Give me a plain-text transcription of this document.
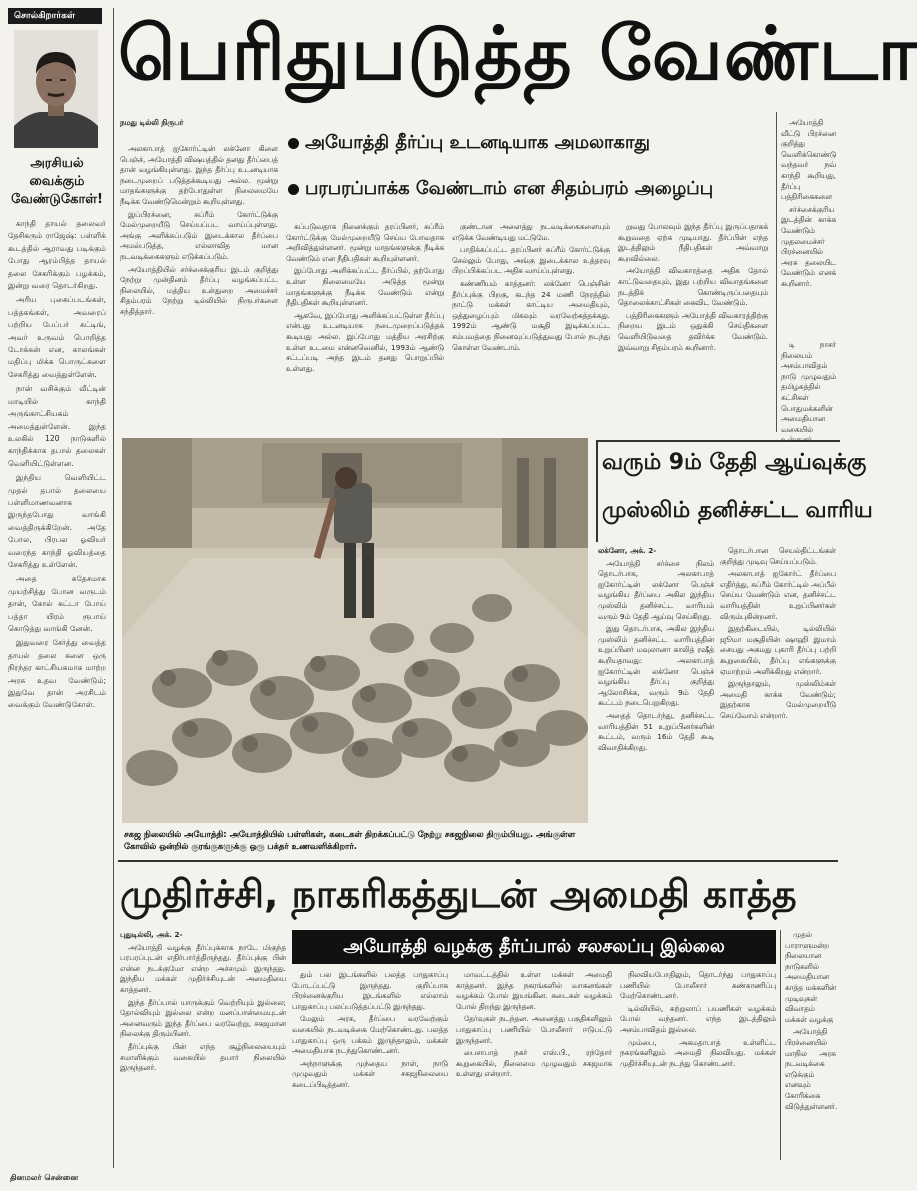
சொல்கிறார்கள்
அரசியல் வைக்கும் வேண்டுகோள்!

காந்தி தாயல் தலைவர் தேசிகரும் ராஜேஷ்: பள்ளிக் கூடத்தில் ஆராவது படிக்கும் போது ஆரம்பித்த தாயல் தலை சேகரிக்கும் பழக்கம், இன்று வரை தொடர்கிறது.

அரிய புகைப்படங்கள், பத்தகங்கள், அவரைப் பற்றிய பேப்பர் கட்டிங், அவர் உருவம் பொறித்த டோக்கன் என, காலங்கள் மதிப்பு மிக்க பொருட்களை சேகரித்து வைத்துள்ளேன்.

நான் வசிக்கும் வீட்டின் மாடியில் காந்தி அருங்காட்சியகம் அமைத்துள்ளேன். இந்த உலகில் 120 நாடுகளில் காந்திக்காக தபால் தலைகள் வெளியிட்டுள்ளன.

இந்திய வெளியிட்ட முதல் தபால் தலையை பள்ளிமாணவனாக இருந்தபோது வாங்கி வைத்திருக்கிறேன். அதே போல, பிரபல ஓவியர் வரைந்த காந்தி ஓவியத்தை சேகரித்து உள்ளேன்.

அதை சுதேசமாக முயற்சித்து போன வருடம் தான், கோல் கட்டா போய் பத்தா யிரம் ரூபாய் கொடுத்து வாங்கி னேன்.

இதுவரை சேர்த்து வைத்த தாயல் தலை களை ஒரு நிரந்தர காட்சியகமாக மாற்ற அரசு உதவ வேண்டும்; இதுவே தான் அரசிடம் வைக்கும் வேண்டுகோள்.

பெரிதுபடுத்த வேண்டா

நமது டில்லி நிருபர்

அயோத்தி தீர்ப்பு உடனடியாக அமலாகாது
பரபரப்பாக்க வேண்டாம் என சிதம்பரம் அழைப்பு

அலகாபாத் ஐகோர்ட்டின் லக்னோ கிளை பெஞ்ச், அயோத்தி விஷயத்தில் தனது தீர்ப்பைத் தான் வழங்கியுள்ளது. இந்த தீர்ப்பு உடனடியாக நடைமுறைப் படுத்தக்கூடியது அல்ல. மூன்று மாதங்களுக்கு தற்போதுள்ள நிலைமையே நீடிக்க வேண்டுமென்றும் கூறியுள்ளது.

இப்பிரச்னை, சுப்ரீம் கோர்ட்டுக்கு மேல்முறையீடு செய்யப்பட வாய்ப்புள்ளது. அங்கு அளிக்கப்படும் இடைக்கால தீர்ப்பை அமல்படுத்த, எல்லாவித மான நடவடிக்கைகளும் எடுக்கப்படும்.

அயோத்தியில் சர்ச்சைக்குரிய இடம் குறித்து நேற்று முன்தினம் தீர்ப்பு வழங்கப்பட்ட நிலையில், மத்திய உள்துறை அமைச்சர் சிதம்பரம் நேற்று டில்லியில் நிருபர்களை சந்தித்தார்.

கப்படுவதாக நினைக்கும் தரப்பினர், சுப்ரீம் கோர்ட்டுக்கு மேல்முறையீடு செய்ய போவதாக அறிவித்துள்ளனர். மூன்று மாதங்களுக்கு நீடிக்க வேண்டும் என நீதிபதிகள் கூறியுள்ளனர்.

இப்போது அளிக்கப்பட்ட தீர்ப்பில், தற்போது உள்ள நிலைமையே அடுத்த மூன்று மாதங்களுக்கு நீடிக்க வேண்டும் என்று நீதிபதிகள் கூறியுள்ளனர்.

ஆகவே, இப்போது அளிக்கப்பட்டுள்ள தீர்ப்பு என்பது உடனடியாக நடைமுறைப்படுத்தக் கூடியது அல்ல. இப்போது மத்திய அரசிற்கு உள்ள உடமை என்னவெனில், 1993ம் ஆண்டு சட்டப்படி அந்த இடம் தனது பொறுப்பில் உள்ளது.

குண்டான அளைத்து நடவடிக்கைகளையும் எடுக்க வேண்டியது மட்டுமே.

பாதிக்கப்பட்ட தரப்பினர் சுப்ரீம் கோர்ட்டுக்கு செல்லும் போது, அங்கு இடைக்கால உத்தரவு பிறப்பிக்கப்பட அதிக வாய்ப்புள்ளது.

கண்ணியம் காத்தனர்: லக்னோ பெஞ்சின் தீர்ப்புக்கு பிறகு, கடந்த 24 மணி நேரத்தில் நாட்டு மக்கள் காட்டிய அமைதியும், ஒத்துழைப்பும் மிகவும் வரவேற்கத்தக்கது. 1992ம் ஆண்டு மசூதி இடிக்கப்பட்ட சம்பவத்தை நினைவுப்படுத்துவது போல் நடந்து கொள்ள வேண்டாம்.

றுவது போலவும் இந்த தீர்ப்பு இருப்பதாகக் கூறுவதை ஏற்க முடியாது. தீர்ப்பின் எந்த இடத்திலும் நீதிபதிகள் அவ்வாறு கூறவில்லை.

அயோத்தி விவகாரத்தை அதிக தோல் காட்டுவதையும், இது பற்றிய விவாதங்களை நடத்திக் கொண்டிருப்பதையும் தொலைக்காட்சிகள் கைவிட வேண்டும்.

பத்திரிகைகளும் அயோத்தி விவகாரத்திற்கு நிறைய இடம் ஒதுக்கி செய்திகளை வெளியிடுவதை தவிர்க்க வேண்டும். இவ்வாறு சிதம்பரம் கூறினார்.

அயோத்தி வீட்டு பிரச்னை குறித்து வெளிக்கொண்டு வந்தவர் நவ் காந்தி கூறியது, தீர்ப்பு பத்திரிகைகளை

சர்ச்சைக்குரிய இடத்தின் காக்க வேண்டும் முதலமைச்சர் பிரச்னையில் அரசு தலையிட வேண்டும் எனக் கூறினார்.

சகஜ நிலையில் அயோத்தி: அயோத்தியில் பள்ளிகள், கடைகள் திறக்கப்பட்டு நேற்று சகஜநிலை திரும்பியது. அங்குள்ள கோவில் ஒன்றில் குரங்குகளுக்கு ஒரு பக்தர் உணவளிக்கிறார்.
வரும் 9ம் தேதி ஆய்வுக்கு
முஸ்லிம் தனிச்சட்ட வாரிய

லக்னோ, அக். 2-

அயோத்தி சர்ச்சை நிலம் தொடர்பாக, அலகாபாத் ஐகோர்ட்டின் லக்னோ பெஞ்ச் வழங்கிய தீர்ப்பை அகில இந்திய முஸ்லிம் தனிச்சட்ட வாரியம் வரும் 9ம் தேதி ஆய்வு செய்கிறது.

இது தொடர்பாக, அகில இந்திய முஸ்லிம் தனிச்சட்ட வாரியத்தின் உறுப்பினர் மவுலானா காலித் ரஷீத் கூறியதாவது: அலகாபாத் ஐகோர்ட்டின் லக்னோ பெஞ்ச் வழங்கிய தீர்ப்பு குறித்து ஆலோசிக்க, வரும் 9ம் தேதி கூட்டம் நடைபெறுகிறது.

அதைத் தொடர்ந்து, தனிச்சட்ட வாரியத்தின் 51 உறுப்பினர்களின் கூட்டம், வரும் 16ம் தேதி கூடி விவாதிக்கிறது.

தொடர்பான செயல்திட்டங்கள் குறித்து முடிவு செய்யப்படும்.

அலகாபாத் ஐகோர்ட் தீர்ப்பை எதிர்த்து, சுப்ரீம் கோர்ட்டில் அப்பீல் செய்ய வேண்டும் என, தனிச்சட்ட வாரியத்தின் உறுப்பினர்கள் விரும்புகின்றனர்.

இதற்கிடையில், டில்லியில் ஜூமா மசூதியின் ஷாஹி இமாம் சையது அகமது புகாரி தீர்ப்பு பற்றி கூறுகையில், தீர்ப்பு எங்களுக்கு ஏமாற்றம் அளிக்கிறது என்றார்.

இருந்தாலும், முஸ்லிம்கள் அமைதி காக்க வேண்டும்; இதற்காக மேல்முறையீடு செய்வோம் என்றார்.

முதிர்ச்சி, நாகரிகத்துடன் அமைதி காத்த
அயோத்தி வழக்கு தீர்ப்பால் சலசலப்பு இல்லை

புதுடில்லி, அக். 2-

அயோத்தி வழக்கு தீர்ப்புக்காக நாடே மிகுந்த பரபரப்புடன் எதிர்பார்த்திருந்தது. தீர்ப்புக்கு பின் என்ன நடக்குமோ என்ற அச்சமும் இருந்தது. இந்திய மக்கள் முதிர்ச்சியுடன் அமைதியை காத்தனர்.

இந்த தீர்ப்பால் யாருக்கும் வெற்றியும் இல்லை; தோல்வியும் இல்லை என்ற மனப்பான்மையுடன் அனைவரும் இந்த தீர்ப்பை வரவேற்று, சகஜமான நிலைக்கு திரும்பினர்.

தீர்ப்புக்கு பின் எந்த சூழ்நிலையையும் சமாளிக்கும் வகையில் தயார் நிலையில் இருந்தனர்.

தும் பல இடங்களில் பலத்த பாதுகாப்பு போடப்பட்டு இருந்தது. குறிப்பாக பிரச்னைக்குரிய இடங்களில் எல்லாம் பாதுகாப்பு பலப்படுத்தப்பட்டு இருந்தது.

மேலும் அரசு, தீர்ப்பை வரவேற்கும் வகையில் நடவடிக்கை மேற்கொண்டது. பலத்த பாதுகாப்பு ஒரு பக்கம் இருந்தாலும், மக்கள் அமைதியாக நடந்துகொண்டனர்.

அந்நாளுக்கு முந்தைய நாள், நாடு முழுவதும் மக்கள் சகஜநிலையை கடைப்பிடித்தனர்.

மாவட்டத்தில் உள்ள மக்கள் அமைதி காத்தனர். இந்த நகரங்களில் வாகனங்கள் வழக்கம் போல் இயங்கின. கடைகள் வழக்கம் போல் திறந்து இருந்தன.

தேர்வுகள் நடந்தன. அனைத்து பகுதிகளிலும் பாதுகாப்பு பணியில் போலீசார் ஈடுபட்டு இருந்தனர்.

பைசாபாத் நகர் எஸ்.பி., ரந்தோர் கூறுகையில், நிலைமை முழுவதும் சகஜமாக உள்ளது என்றார்.

நிலவியபோதிலும், தொடர்ந்து பாதுகாப்பு பணியில் போலீசார் கண்காணிப்பு மேற்கொண்டனர்.

டில்லியில், சுற்றுலாப் பயணிகள் வழக்கம் போல் வந்தனர். எந்த இடத்திலும் அசம்பாவிதம் இல்லை.

மும்பை, அகமதாபாத் உள்ளிட்ட நகரங்களிலும் அமைதி நிலவியது. மக்கள் முதிர்ச்சியுடன் நடந்து கொண்டனர்.

முதல் பாராளுமன்ற நிலையான நாடுகளில் அமைதியான காத்த மக்களின் முடிவுகள் விவாதம் மக்கள் வழக்கு

அயோத்தி பிரச்னையில் மாநில அரசு நடவடிக்கை எடுக்கும் எனவும் கோரிக்கை விடுத்துள்ளனர்.

டி நாசர் நிலையம் அசம்பாவிதம் நாடு முழுவதும் தமிழகத்தில் கட்சிகள் பொதுமக்களின் அமைதியான வகையில் உள்ளனர்.

தினமலர் சென்னை
